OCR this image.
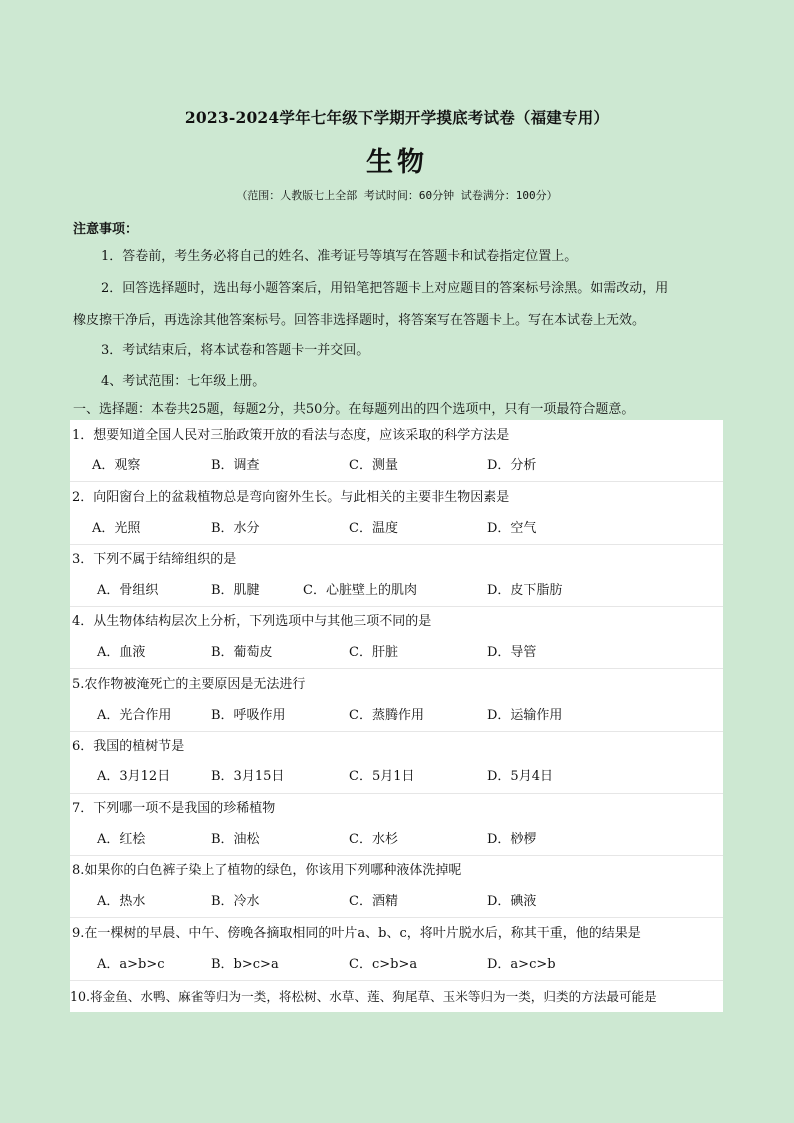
2023-2024学年七年级下学期开学摸底考试卷（福建专用）
生物
（范围：人教版七上全部 考试时间：60分钟 试卷满分：100分）
注意事项：
1．答卷前，考生务必将自己的姓名、准考证号等填写在答题卡和试卷指定位置上。
2．回答选择题时，选出每小题答案后，用铅笔把答题卡上对应题目的答案标号涂黑。如需改动，用
橡皮擦干净后，再选涂其他答案标号。回答非选择题时，将答案写在答题卡上。写在本试卷上无效。
3．考试结束后，将本试卷和答题卡一并交回。
4、考试范围：七年级上册。
一、选择题：本卷共25题，每题2分，共50分。在每题列出的四个选项中，只有一项最符合题意。
1．想要知道全国人民对三胎政策开放的看法与态度，应该采取的科学方法是
A．观察	B．调查	C．测量	D．分析
2．向阳窗台上的盆栽植物总是弯向窗外生长。与此相关的主要非生物因素是
A．光照	B．水分	C．温度	D．空气
3．下列不属于结缔组织的是
A．骨组织	B．肌腱	C．心脏壁上的肌肉	D．皮下脂肪
4．从生物体结构层次上分析，下列选项中与其他三项不同的是
A．血液	B．葡萄皮	C．肝脏	D．导管
5.农作物被淹死亡的主要原因是无法进行
A．光合作用	B．呼吸作用	C．蒸腾作用	D．运输作用
6．我国的植树节是
A．3月12日	B．3月15日	C．5月1日	D．5月4日
7．下列哪一项不是我国的珍稀植物
A．红桧	B．油松	C．水杉	D．桫椤
8.如果你的白色裤子染上了植物的绿色，你该用下列哪种液体洗掉呢
A．热水	B．冷水	C．酒精	D．碘液
9.在一棵树的早晨、中午、傍晚各摘取相同的叶片a、b、c，将叶片脱水后，称其干重，他的结果是
A．a>b>c	B．b>c>a	C．c>b>a	D．a>c>b
10.将金鱼、水鸭、麻雀等归为一类，将松树、水草、莲、狗尾草、玉米等归为一类，归类的方法最可能是
